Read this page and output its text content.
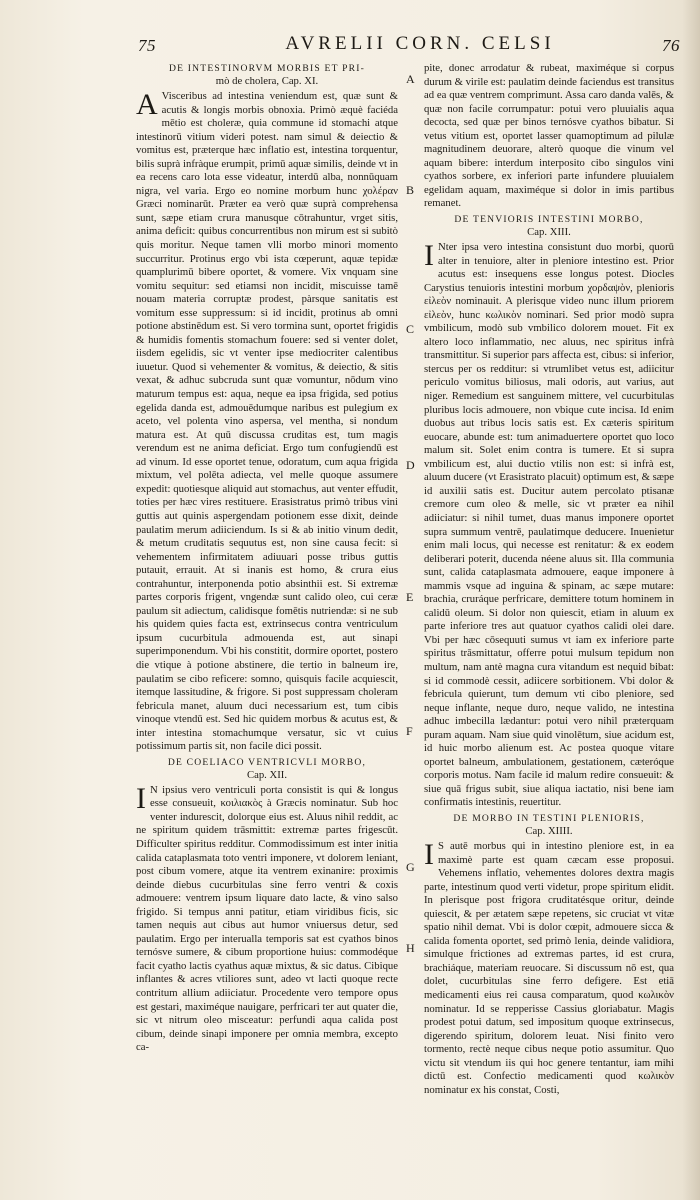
75	AVRELII CORN. CELSI	76

DE INTESTINORVM MORBIS ET PRI-

mò de cholera, Cap. XI.

A Visceribus ad intestina veniendum est, quæ sunt & acutis & longis morbis obnoxia. Primò æquè faciéda mētio est choleræ, quia commune id stomachi atque intestinorū vitium videri potest. nam simul & deiectio & vomitus est, præterque hæc inflatio est, intestina torquentur, bilis suprà infràque erumpit, primū aquæ similis, deinde vt in ea recens caro lota esse videatur, interdū alba, nonnūquam nigra, vel varia. Ergo eo nomine morbum hunc χολέραν Græci nominarūt. Præter ea verò quæ suprà comprehensa sunt, sæpe etiam crura manusque cōtrahuntur, vrget sitis, anima deficit: quibus concurrentibus non mirum est si subitò quis moritur. Neque tamen vlli morbo minori momento succurritur. Protinus ergo vbi ista cœperunt, aquæ tepidæ quamplurimū bibere oportet, & vomere. Vix vnquam sine vomitu sequitur: sed etiamsi non incidit, miscuisse tamē nouam materia corruptæ prodest, pàrsque sanitatis est vomitum esse suppressum: si id incidit, protinus ab omni potione abstinēdum est. Si vero tormina sunt, oportet frigidis & humidis fomentis stomachum fouere: sed si venter dolet, iisdem egelidis, sic vt venter ipse mediocriter calentibus iuuetur. Quod si vehementer & vomitus, & deiectio, & sitis vexat, & adhuc subcruda sunt quæ vomuntur, nōdum vino maturum tempus est: aqua, neque ea ipsa frigida, sed potius egelida danda est, admouēdumque naribus est pulegium ex aceto, vel polenta vino aspersa, vel mentha, si nondum matura est. At quū discussa cruditas est, tum magis verendum est ne anima deficiat. Ergo tum confugiendū est ad vinum. Id esse oportet tenue, odoratum, cum aqua frigida mixtum, vel polēta adiecta, vel melle quoque assumere expedit: quotiesque aliquid aut stomachus, aut venter effudit, toties per hæc vires restituere. Erasistratus primò tribus vini guttis aut quinis aspergendam potionem esse dixit, deinde paulatim merum adiiciendum. Is si & ab initio vinum dedit, & metum cruditatis sequutus est, non sine causa fecit: si vehementem infirmitatem adiuuari posse tribus guttis putauit, errauit. At si inanis est homo, & crura eius contrahuntur, interponenda potio absinthii est. Si extremæ partes corporis frigent, vngendæ sunt calido oleo, cui ceræ paulum sit adiectum, calidisque fomētis nutriendæ: si ne sub his quidem quies facta est, extrinsecus contra ventriculum ipsum cucurbitula admouenda est, aut sinapi superimponendum. Vbi his constitit, dormire oportet, postero die vtique à potione abstinere, die tertio in balneum ire, paulatim se cibo reficere: somno, quisquis facile acquiescit, itemque lassitudine, & frigore. Si post suppressam choleram febricula manet, aluum duci necessarium est, tum cibis vinoque vtendū est. Sed hic quidem morbus & acutus est, & inter intestina stomachumque versatur, sic vt cuius potissimum partis sit, non facile dici possit.

DE COELIACO VENTRICVLI MORBO,

Cap. XII.

I N ipsius vero ventriculi porta consistit is qui & longus esse consueuit, κοιλιακὸς à Græcis nominatur. Sub hoc venter indurescit, dolorque eius est. Aluus nihil reddit, ac ne spiritum quidem trāsmittit: extremæ partes frigescūt. Difficulter spiritus redditur. Commodissimum est inter initia calida cataplasmata toto ventri imponere, vt dolorem leniant, post cibum vomere, atque ita ventrem exinanire: proximis deinde diebus cucurbitulas sine ferro ventri & coxis admouere: ventrem ipsum liquare dato lacte, & vino salso frigido. Si tempus anni patitur, etiam viridibus ficis, sic tamen nequis aut cibus aut humor vniuersus detur, sed paulatim. Ergo per interualla temporis sat est cyathos binos ternósve sumere, & cibum proportione huius: commodéque facit cyatho lactis cyathus aquæ mixtus, & sic datus. Cibique inflantes & acres vtiliores sunt, adeo vt lacti quoque recte contritum allium adiiciatur. Procedente vero tempore opus est gestari, maximéque nauigare, perfricari ter aut quater die, sic vt nitrum oleo misceatur: perfundi aqua calida post cibum, deinde sinapi imponere per omnia membra, excepto ca-

A
B
C
D
E
F
G
H

pite, donec arrodatur & rubeat, maximéque si corpus durum & virile est: paulatim deinde faciendus est transitus ad ea quæ ventrem comprimunt. Assa caro danda valēs, & quæ non facile corrumpatur: potui vero pluuialis aqua decocta, sed quæ per binos ternósve cyathos bibatur. Si vetus vitium est, oportet lasser quamoptimum ad pilulæ magnitudinem deuorare, alterò quoque die vinum vel aquam bibere: interdum interposito cibo singulos vini cyathos sorbere, ex inferiori parte infundere pluuialem egelidam aquam, maximéque si dolor in imis partibus remanet.

DE TENVIORIS INTESTINI MORBO,

Cap. XIII.

I Nter ipsa vero intestina consistunt duo morbi, quorū alter in tenuiore, alter in pleniore intestino est. Prior acutus est: insequens esse longus potest. Diocles Carystius tenuioris intestini morbum χορδαψὸν, plenioris εἰλεὸν nominauit. A plerisque video nunc illum priorem εἰλεὸν, hunc κωλικὸν nominari. Sed prior modò supra vmbilicum, modò sub vmbilico dolorem mouet. Fit ex altero loco inflammatio, nec aluus, nec spiritus infrà transmittitur. Si superior pars affecta est, cibus: si inferior, stercus per os redditur: si vtrumlibet vetus est, adiicitur periculo vomitus biliosus, mali odoris, aut varius, aut niger. Remedium est sanguinem mittere, vel cucurbitulas pluribus locis admouere, non vbique cute incisa. Id enim duobus aut tribus locis satis est. Ex cæteris spiritum euocare, abunde est: tum animaduertere oportet quo loco malum sit. Solet enim contra is tumere. Et si supra vmbilicum est, alui ductio vtilis non est: si infrà est, aluum ducere (vt Erasistrato placuit) optimum est, & sæpe id auxilii satis est. Ducitur autem percolato ptisanæ cremore cum oleo & melle, sic vt præter ea nihil adiiciatur: si nihil tumet, duas manus imponere oportet supra summum ventrē, paulatimque deducere. Inuenietur enim mali locus, qui necesse est renitatur: & ex eodem deliberari poterit, ducenda néene aluus sit. Illa communia sunt, calida cataplasmata admouere, eaque imponere à mammis vsque ad inguina & spinam, ac sæpe mutare: brachia, cruráque perfricare, demittere totum hominem in calidū oleum. Si dolor non quiescit, etiam in aluum ex parte inferiore tres aut quatuor cyathos calidi olei dare. Vbi per hæc cōsequuti sumus vt iam ex inferiore parte spiritus trāsmittatur, offerre potui mulsum tepidum non multum, nam antè magna cura vitandum est nequid bibat: si id commodè cessit, adiicere sorbitionem. Vbi dolor & febricula quierunt, tum demum vti cibo pleniore, sed neque inflante, neque duro, neque valido, ne intestina adhuc imbecilla lædantur: potui vero nihil præterquam puram aquam. Nam siue quid vinolētum, siue acidum est, id huic morbo alienum est. Ac postea quoque vitare oportet balneum, ambulationem, gestationem, cæteróque corporis motus. Nam facile id malum redire consueuit: & siue quā frigus subit, siue aliqua iactatio, nisi bene iam confirmatis intestinis, reuertitur.

DE MORBO IN TESTINI PLENIORIS,

Cap. XIIII.

I S autē morbus qui in intestino pleniore est, in ea maximè parte est quam cæcam esse proposui. Vehemens inflatio, vehementes dolores dextra magis parte, intestinum quod verti videtur, prope spiritum elidit. In plerisque post frigora cruditatésque oritur, deinde quiescit, & per ætatem sæpe repetens, sic cruciat vt vitæ spatio nihil demat. Vbi is dolor cœpit, admouere sicca & calida fomenta oportet, sed primò lenia, deinde validiora, simulque frictiones ad extremas partes, id est crura, brachiáque, materiam reuocare. Si discussum nō est, qua dolet, cucurbitulas sine ferro defigere. Est etiā medicamenti eius rei causa comparatum, quod κωλικὸν nominatur. Id se repperisse Cassius gloriabatur. Magis prodest potui datum, sed impositum quoque extrinsecus, digerendo spiritum, dolorem leuat. Nisi finito vero tormento, rectè neque cibus neque potio assumitur. Quo victu sit vtendum iis qui hoc genere tentantur, iam mihi dictū est. Confectio medicamenti quod κωλικὸν nominatur ex his constat, Costi,
